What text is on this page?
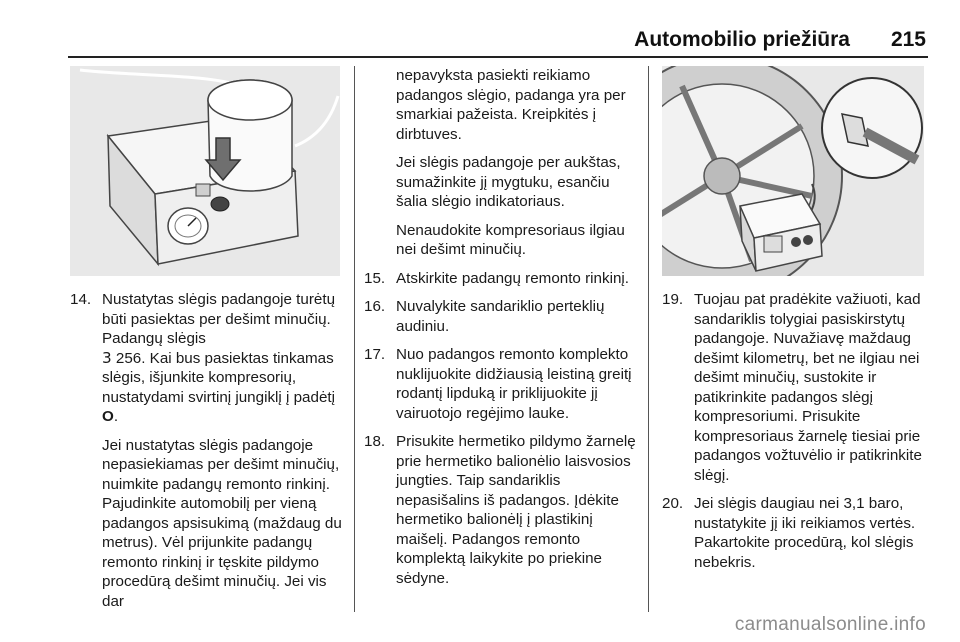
Automobilio priežiūra 215
14. Nustatytas slėgis padangoje turėtų būti pasiektas per dešimt minučių. Padangų slėgis
3 256. Kai bus pasiektas tinkamas slėgis, išjunkite kompresorių, nustatydami svirtinį jungiklį į padėtį O.
Jei nustatytas slėgis padangoje nepasiekiamas per dešimt minučių, nuimkite padangų remonto rinkinį. Pajudinkite automobilį per vieną padangos apsisukimą (maždaug du metrus). Vėl prijunkite padangų remonto rinkinį ir tęskite pildymo procedūrą dešimt minučių. Jei vis dar
nepavyksta pasiekti reikiamo padangos slėgio, padanga yra per smarkiai pažeista. Kreipkitės į dirbtuves.
Jei slėgis padangoje per aukštas, sumažinkite jį mygtuku, esančiu šalia slėgio indikatoriaus.
Nenaudokite kompresoriaus ilgiau nei dešimt minučių.
15. Atskirkite padangų remonto rinkinį.
16. Nuvalykite sandariklio perteklių audiniu.
17. Nuo padangos remonto komplekto nuklijuokite didžiausią leistiną greitį rodantį lipduką ir priklijuokite jį vairuotojo regėjimo lauke.
18. Prisukite hermetiko pildymo žarnelę prie hermetiko balionėlio laisvosios jungties. Taip sandariklis nepasišalins iš padangos. Įdėkite hermetiko balionėlį į plastikinį maišelį. Padangos remonto komplektą laikykite po priekine sėdyne.
19. Tuojau pat pradėkite važiuoti, kad sandariklis tolygiai pasiskirstytų padangoje. Nuvažiavę maždaug dešimt kilometrų, bet ne ilgiau nei dešimt minučių, sustokite ir patikrinkite padangos slėgį kompresoriumi. Prisukite kompresoriaus žarnelę tiesiai prie padangos vožtuvėlio ir patikrinkite slėgį.
20. Jei slėgis daugiau nei 3,1 baro, nustatykite jį iki reikiamos vertės. Pakartokite procedūrą, kol slėgis nebekris.
carmanualsonline.info
